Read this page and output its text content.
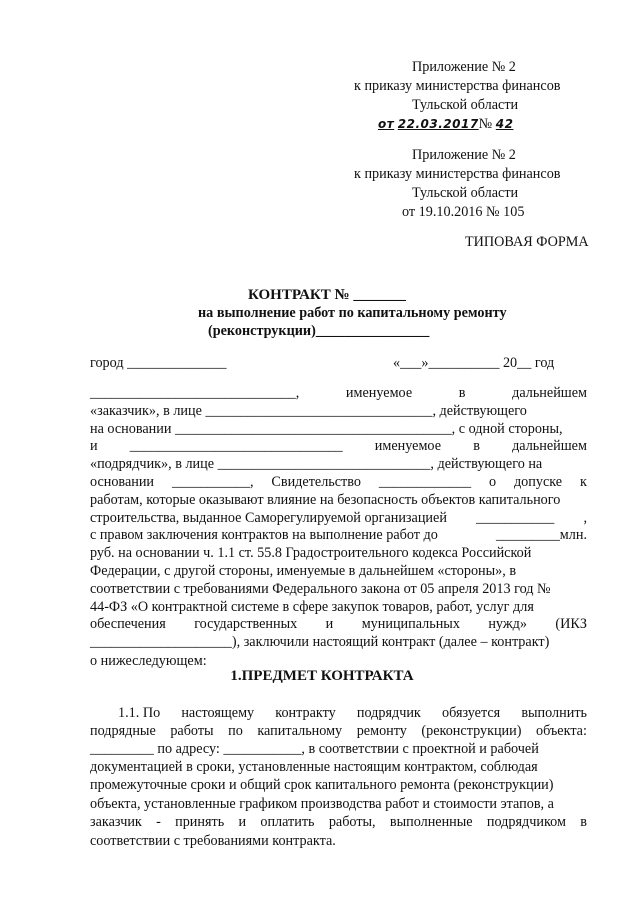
Приложение № 2
к приказу министерства финансов
Тульской области
от 22.03.2017№ 42
Приложение № 2
к приказу министерства финансов
Тульской области
от 19.10.2016 № 105
ТИПОВАЯ ФОРМА
КОНТРАКТ № _______
на выполнение работ по капитальному ремонту
(реконструкции)________________
город ______________	«___»__________ 20__ год
_____________________________,	именуемое	в	дальнейшем
«заказчик», в лице ________________________________, действующего
на основании _______________________________________, с одной стороны,
и ______________________________ именуемое в дальнейшем
«подрядчик», в лице ______________________________, действующего на
основании ___________, Свидетельство _____________ о допуске к
работам, которые оказывают влияние на безопасность объектов капитального
строительства, выданное Саморегулируемой организацией ___________ ,
с правом заключения контрактов на выполнение работ до	_________млн.
руб. на основании ч. 1.1 ст. 55.8 Градостроительного кодекса Российской
Федерации, с другой стороны, именуемые в дальнейшем «стороны», в
соответствии с требованиями Федерального закона от 05 апреля 2013 год №
44-ФЗ «О контрактной системе в сфере закупок товаров, работ, услуг для
обеспечения государственных и муниципальных нужд» (ИКЗ
____________________), заключили настоящий контракт (далее – контракт)
о нижеследующем:
1.ПРЕДМЕТ КОНТРАКТА
1.1. По настоящему контракту подрядчик обязуется выполнить
подрядные работы по капитальному ремонту (реконструкции) объекта:
_________ по адресу: ___________, в соответствии с проектной и рабочей
документацией в сроки, установленные настоящим контрактом, соблюдая
промежуточные сроки и общий срок капитального ремонта (реконструкции)
объекта, установленные графиком производства работ и стоимости этапов, а
заказчик - принять и оплатить работы, выполненные подрядчиком в
соответствии с требованиями контракта.
